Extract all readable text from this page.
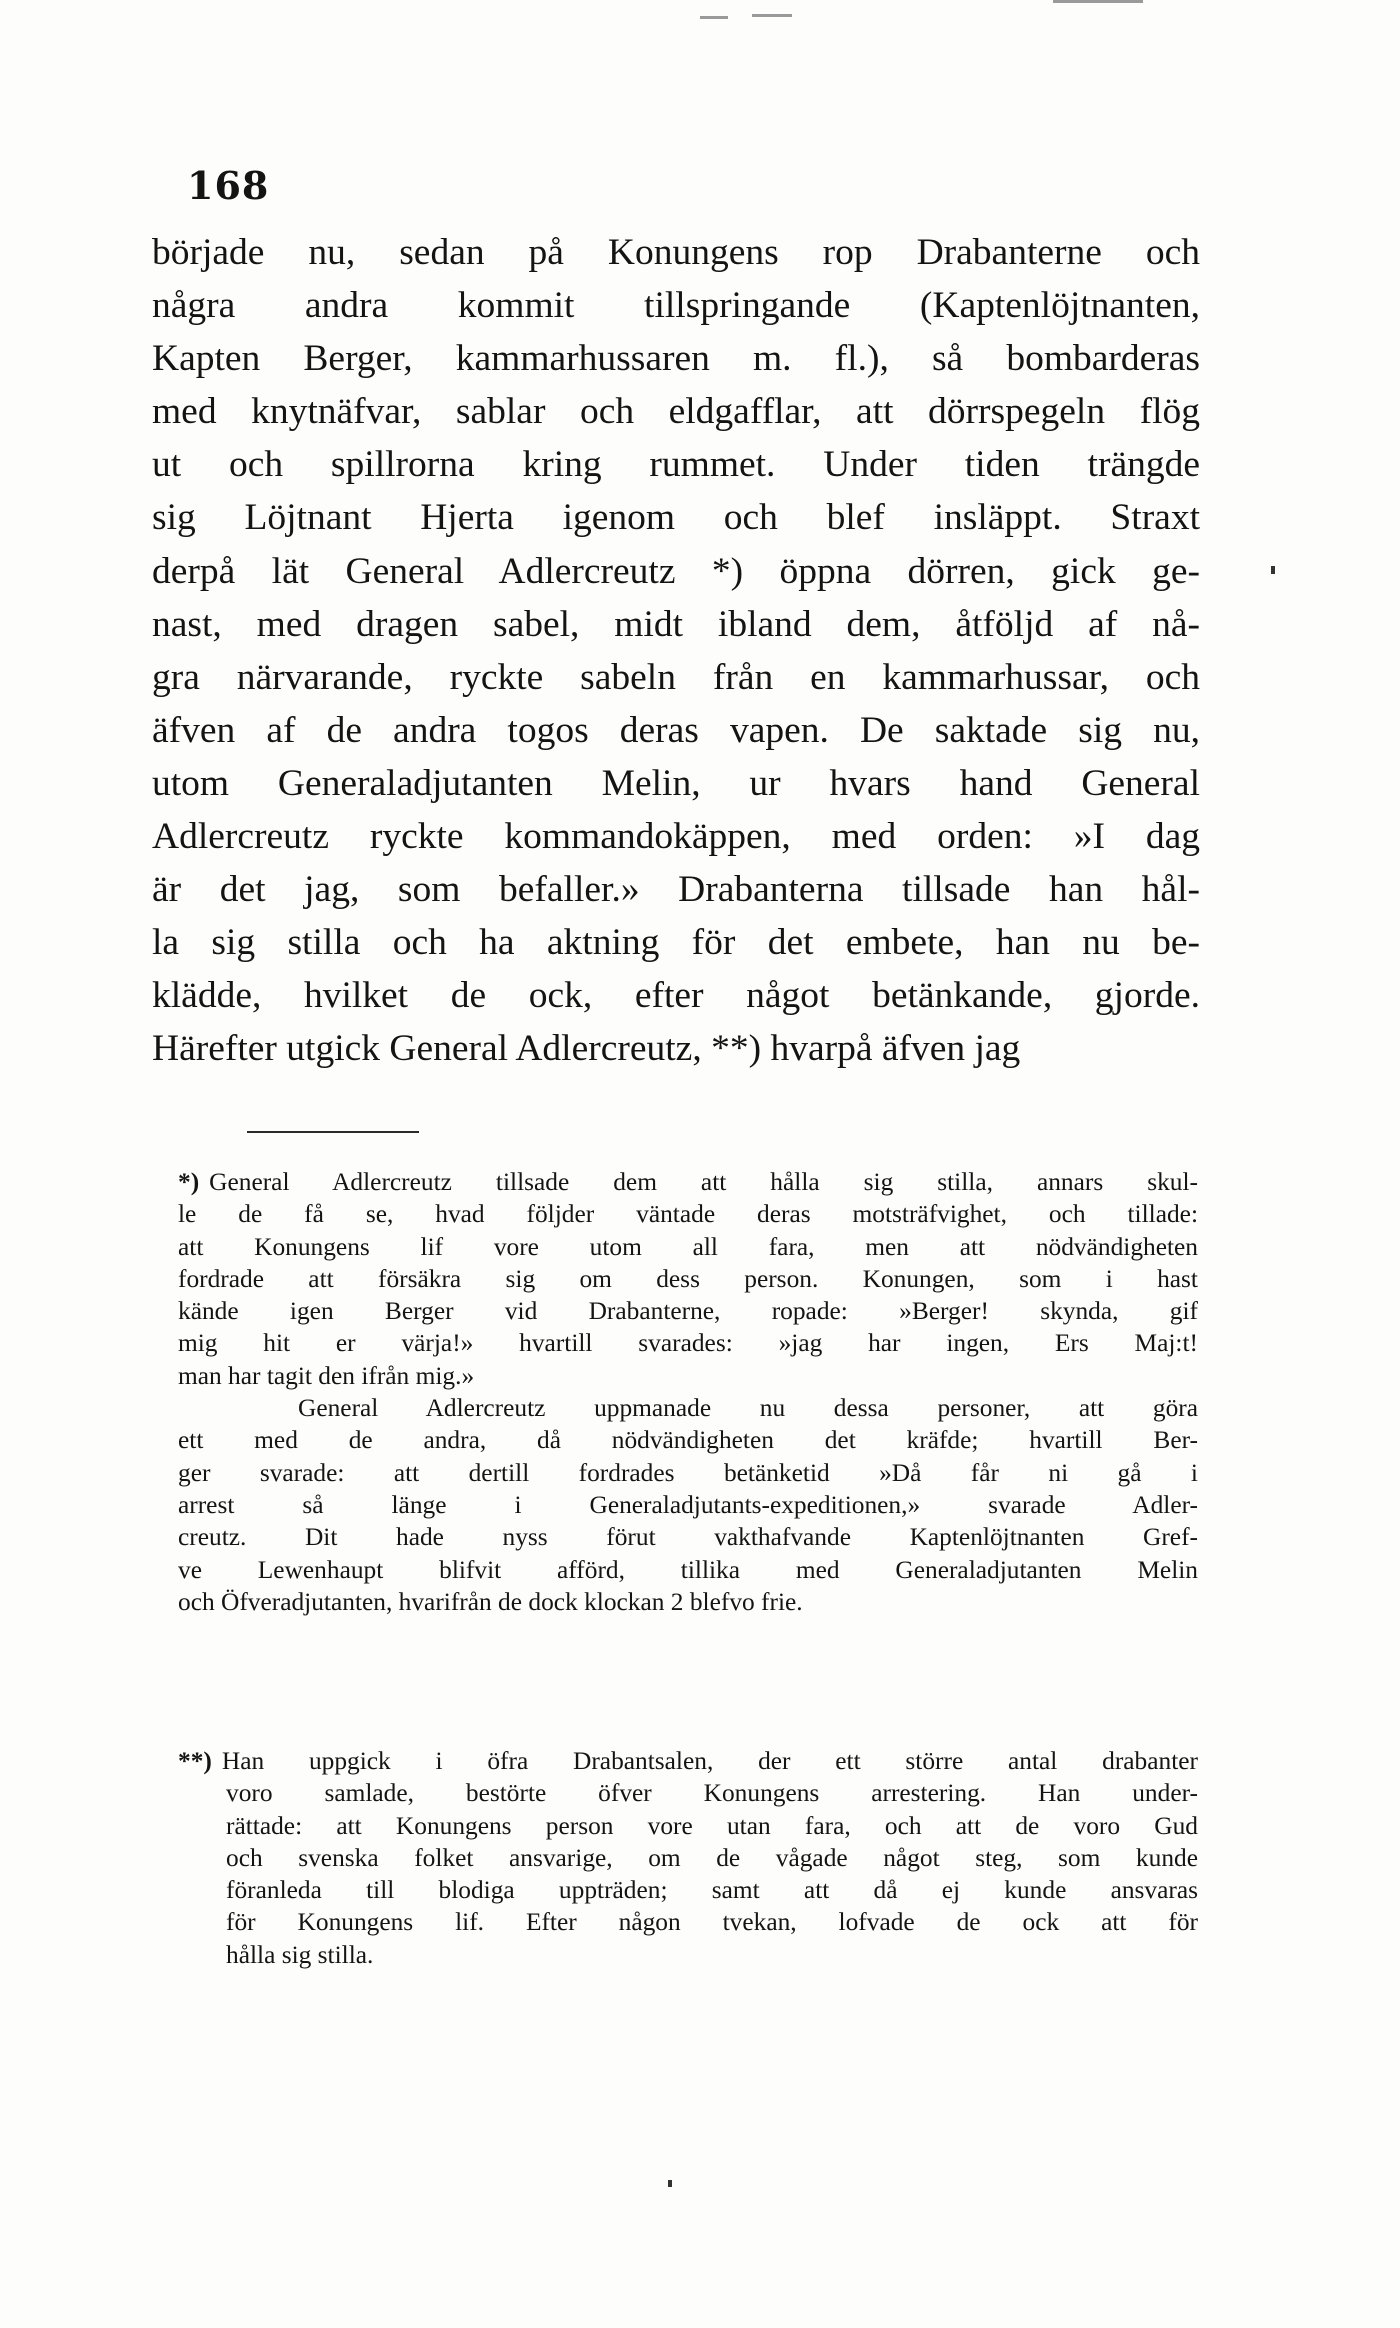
168
började nu, sedan på Konungens rop Drabanterne och
några andra kommit tillspringande (Kaptenlöjtnanten,
Kapten Berger, kammarhussaren m. fl.), så bombarderas
med knytnäfvar, sablar och eldgafflar, att dörrspegeln flög
ut och spillrorna kring rummet. Under tiden trängde
sig Löjtnant Hjerta igenom och blef insläppt. Straxt
derpå lät General Adlercreutz *) öppna dörren, gick ge-
nast, med dragen sabel, midt ibland dem, åtföljd af nå-
gra närvarande, ryckte sabeln från en kammarhussar, och
äfven af de andra togos deras vapen. De saktade sig nu,
utom Generaladjutanten Melin, ur hvars hand General
Adlercreutz ryckte kommandokäppen, med orden: »I dag
är det jag, som befaller.» Drabanterna tillsade han hål-
la sig stilla och ha aktning för det embete, han nu be-
klädde, hvilket de ock, efter något betänkande, gjorde.
Härefter utgick General Adlercreutz, **) hvarpå äfven jag
*) General Adlercreutz tillsade dem att hålla sig stilla, annars skul-
le de få se, hvad följder väntade deras motsträfvighet, och tillade:
att Konungens lif vore utom all fara, men att nödvändigheten
fordrade att försäkra sig om dess person. Konungen, som i hast
kände igen Berger vid Drabanterne, ropade: »Berger! skynda, gif
mig hit er värja!» hvartill svarades: »jag har ingen, Ers Maj:t!
man har tagit den ifrån mig.»
General Adlercreutz uppmanade nu dessa personer, att göra
ett med de andra, då nödvändigheten det kräfde; hvartill Ber-
ger svarade: att dertill fordrades betänketid »Då får ni gå i
arrest så länge i Generaladjutants-expeditionen,» svarade Adler-
creutz. Dit hade nyss förut vakthafvande Kaptenlöjtnanten Gref-
ve Lewenhaupt blifvit afförd, tillika med Generaladjutanten Melin
och Öfveradjutanten, hvarifrån de dock klockan 2 blefvo frie.
**) Han uppgick i öfra Drabantsalen, der ett större antal drabanter
voro samlade, bestörte öfver Konungens arrestering. Han under-
rättade: att Konungens person vore utan fara, och att de voro Gud
och svenska folket ansvarige, om de vågade något steg, som kunde
föranleda till blodiga uppträden; samt att då ej kunde ansvaras
för Konungens lif. Efter någon tvekan, lofvade de ock att för
hålla sig stilla.
